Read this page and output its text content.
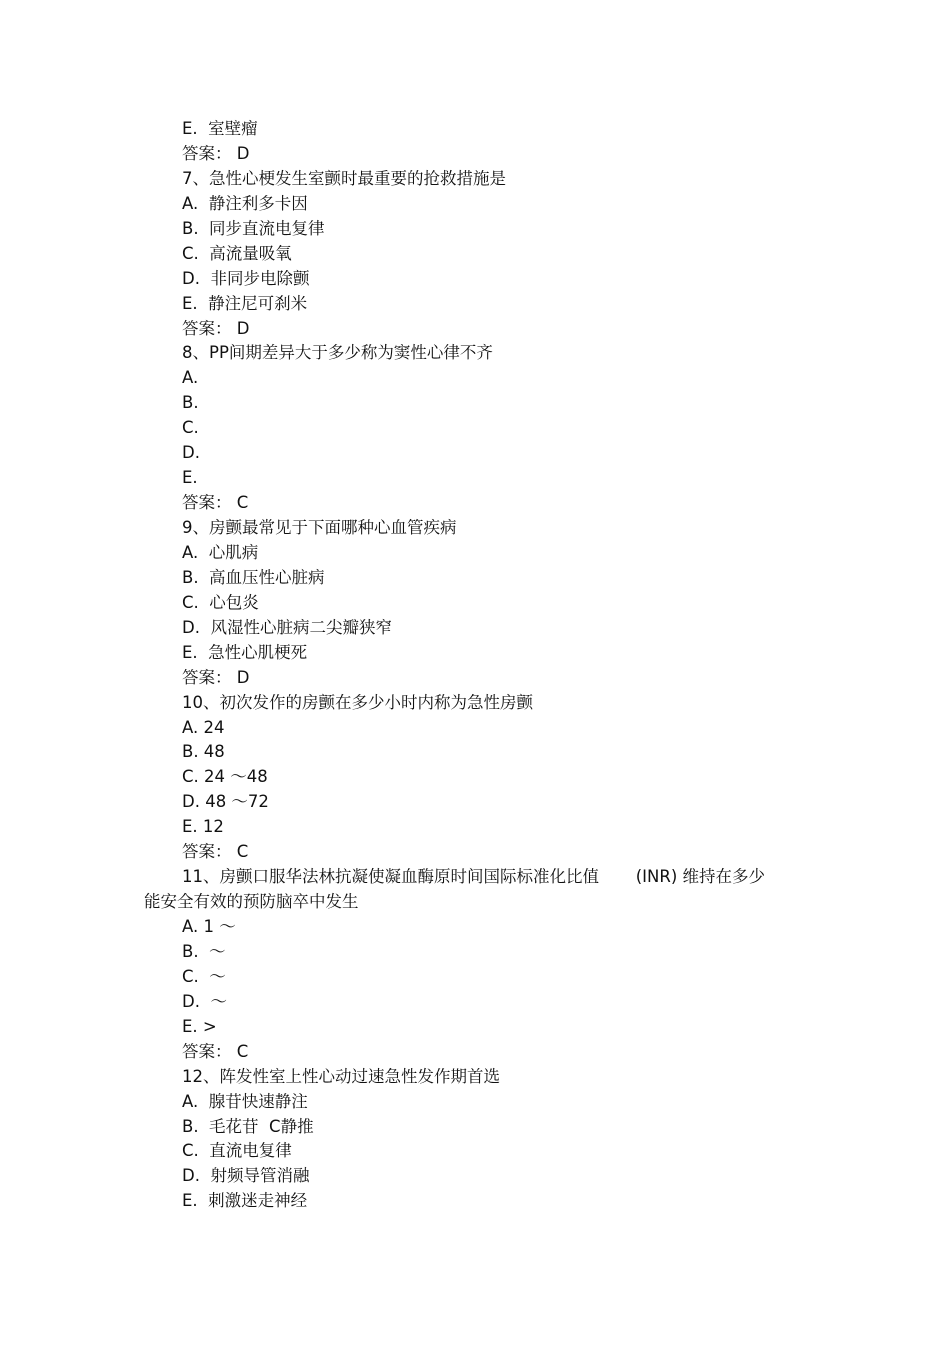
E.  室壁瘤
答案： D
7、急性心梗发生室颤时最重要的抢救措施是
A.  静注利多卡因
B.  同步直流电复律
C.  高流量吸氧
D.  非同步电除颤
E.  静注尼可刹米
答案： D
8、PP间期差异大于多少称为窦性心律不齐
A.
B.
C.
D.
E.
答案： C
9、房颤最常见于下面哪种心血管疾病
A.  心肌病
B.  高血压性心脏病
C.  心包炎
D.  风湿性心脏病二尖瓣狭窄
E.  急性心肌梗死
答案： D
10、初次发作的房颤在多少小时内称为急性房颤
A. 24
B. 48
C. 24 ～48
D. 48 ～72
E. 12
答案： C
11、房颤口服华法林抗凝使凝血酶原时间国际标准化比值       (INR) 维持在多少
能安全有效的预防脑卒中发生
A. 1 ～
B.  ～
C.  ～
D.  ～
E. >
答案： C
12、阵发性室上性心动过速急性发作期首选
A.  腺苷快速静注
B.  毛花苷  C静推
C.  直流电复律
D.  射频导管消融
E.  刺激迷走神经
